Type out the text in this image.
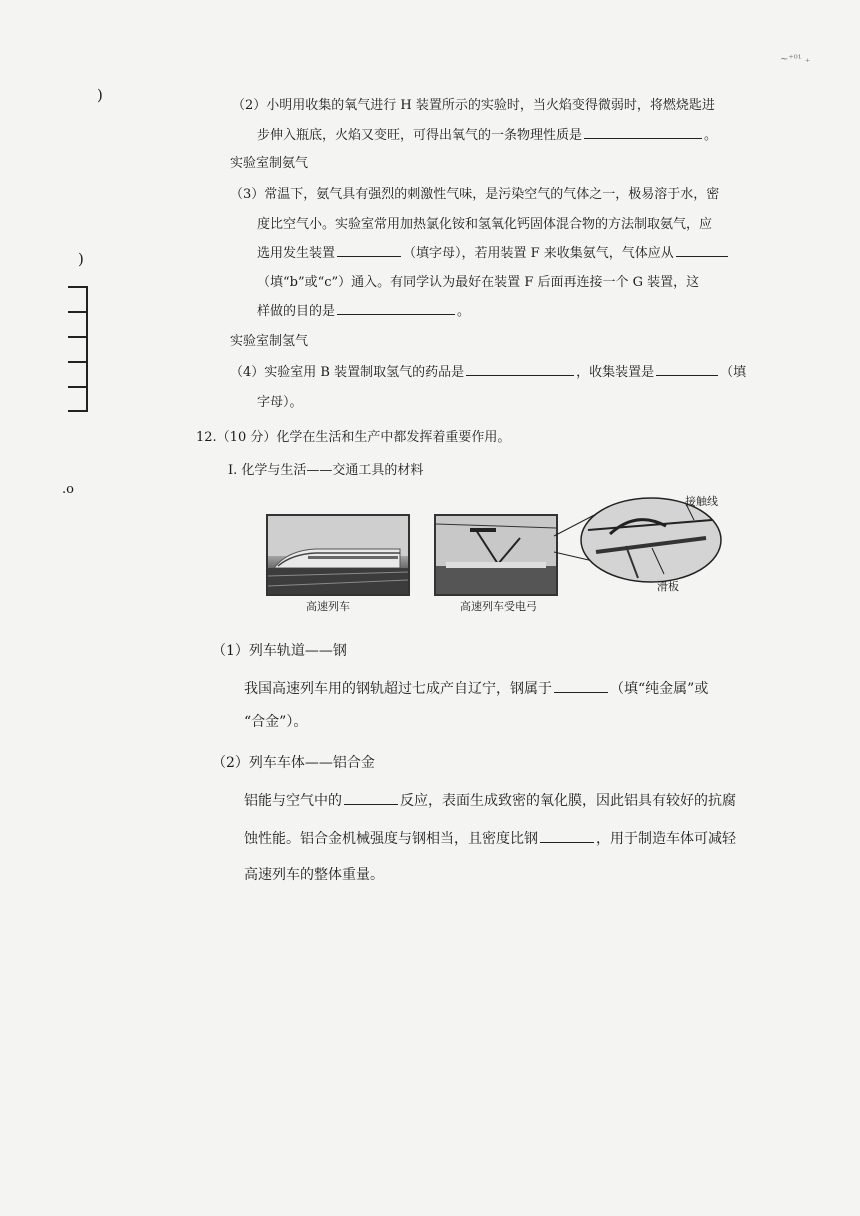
~⁺⁰¹ ₊
)
)
.o
（2）小明用收集的氧气进行 H 装置所示的实验时，当火焰变得微弱时，将燃烧匙进
步伸入瓶底，火焰又变旺，可得出氧气的一条物理性质是	。
实验室制氨气
（3）常温下，氨气具有强烈的刺激性气味，是污染空气的气体之一，极易溶于水，密
度比空气小。实验室常用加热氯化铵和氢氧化钙固体混合物的方法制取氨气，应
选用发生装置	（填字母），若用装置 F 来收集氨气，气体应从
（填“b”或“c”）通入。有同学认为最好在装置 F 后面再连接一个 G 装置，这
样做的目的是	。
实验室制氢气
（4）实验室用 B 装置制取氢气的药品是	，收集装置是	（填
字母）。
12.（10 分）化学在生活和生产中都发挥着重要作用。
Ⅰ. 化学与生活——交通工具的材料
高速列车	高速列车受电弓
接触线
滑板
（1）列车轨道——钢
我国高速列车用的钢轨超过七成产自辽宁，钢属于	（填“纯金属”或
“合金”）。
（2）列车车体——铝合金
铝能与空气中的	反应，表面生成致密的氧化膜，因此铝具有较好的抗腐
蚀性能。铝合金机械强度与钢相当，且密度比钢	，用于制造车体可减轻
高速列车的整体重量。
